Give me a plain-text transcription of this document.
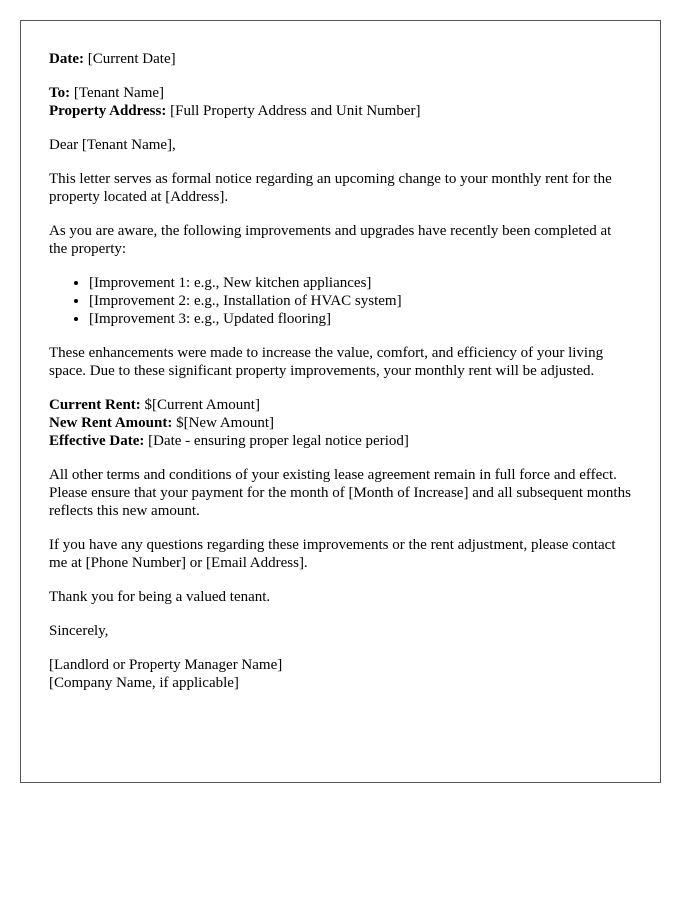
Date: [Current Date]

To: [Tenant Name]
Property Address: [Full Property Address and Unit Number]

Dear [Tenant Name],

This letter serves as formal notice regarding an upcoming change to your monthly rent for the property located at [Address].

As you are aware, the following improvements and upgrades have recently been completed at the property:

• [Improvement 1: e.g., New kitchen appliances]
• [Improvement 2: e.g., Installation of HVAC system]
• [Improvement 3: e.g., Updated flooring]

These enhancements were made to increase the value, comfort, and efficiency of your living space. Due to these significant property improvements, your monthly rent will be adjusted.

Current Rent: $[Current Amount]
New Rent Amount: $[New Amount]
Effective Date: [Date - ensuring proper legal notice period]

All other terms and conditions of your existing lease agreement remain in full force and effect. Please ensure that your payment for the month of [Month of Increase] and all subsequent months reflects this new amount.

If you have any questions regarding these improvements or the rent adjustment, please contact me at [Phone Number] or [Email Address].

Thank you for being a valued tenant.

Sincerely,

[Landlord or Property Manager Name]
[Company Name, if applicable]
